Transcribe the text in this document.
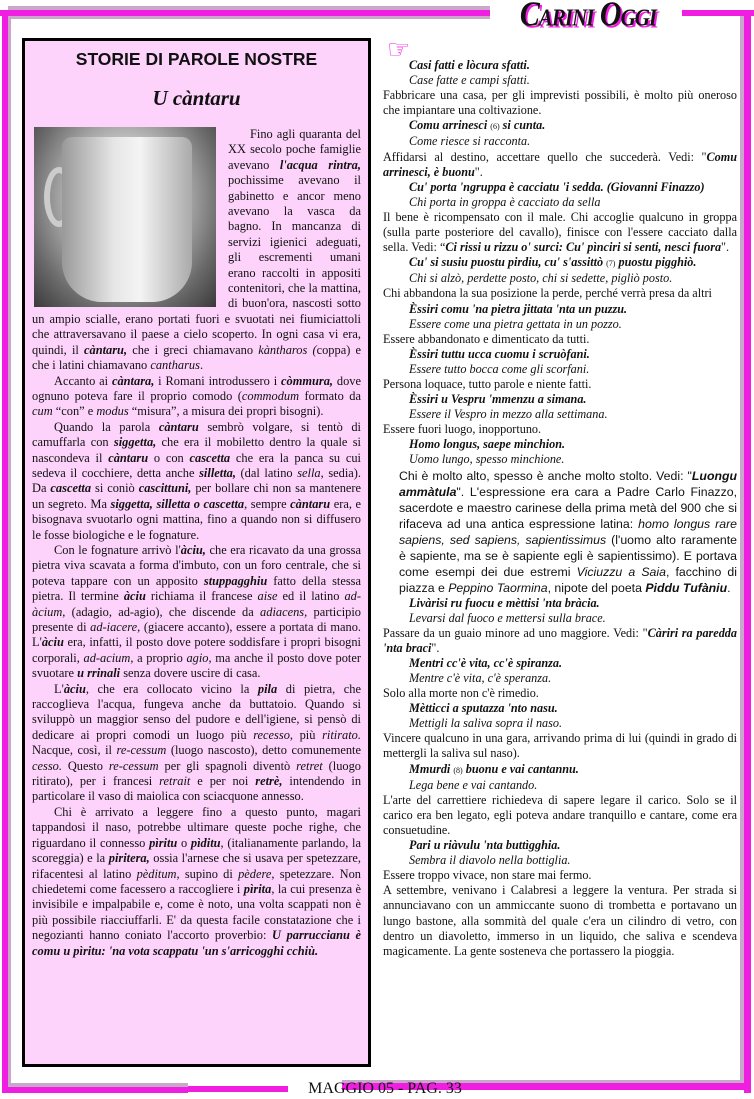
Carini Oggi
STORIE DI PAROLE NOSTRE
U càntaru

Fino agli quaranta del XX secolo poche famiglie avevano l'acqua rintra, pochissime avevano il gabinetto e ancor meno avevano la vasca da bagno. In mancanza di servizi igienici adeguati, gli escrementi umani erano raccolti in appositi contenitori, che la mattina, di buon'ora, nascosti sotto un ampio scialle, erano portati fuori e svuotati nei fiumiciattoli che attraversavano il paese a cielo scoperto. In ogni casa vi era, quindi, il càntaru, che i greci chiamavano kàntharos (coppa) e che i latini chiamavano cantharus.

Accanto ai càntara, i Romani introdussero i còmmura, dove ognuno poteva fare il proprio comodo (commodum formato da cum “con” e modus “misura”, a misura dei propri bisogni).

Quando la parola càntaru sembrò volgare, si tentò di camuffarla con siggetta, che era il mobiletto dentro la quale si nascondeva il càntaru o con cascetta che era la panca su cui sedeva il cocchiere, detta anche silletta, (dal latino sella, sedia). Da cascetta si coniò cascittuni, per bollare chi non sa mantenere un segreto. Ma siggetta, silletta o cascetta, sempre càntaru era, e bisognava svuotarlo ogni mattina, fino a quando non si diffusero le fosse biologiche e le fognature.

Con le fognature arrivò l'àciu, che era ricavato da una grossa pietra viva scavata a forma d'imbuto, con un foro centrale, che si poteva tappare con un apposito stuppagghiu fatto della stessa pietra. Il termine àciu richiama il francese aise ed il latino ad-àcium, (adagio, ad-agio), che discende da adiacens, participio presente di ad-iacere, (giacere accanto), essere a portata di mano. L'àciu era, infatti, il posto dove potere soddisfare i propri bisogni corporali, ad-acium, a proprio agio, ma anche il posto dove poter svuotare u rrinali senza dovere uscire di casa.

L'àciu, che era collocato vicino la pila di pietra, che raccoglieva l'acqua, fungeva anche da buttatoio. Quando si sviluppò un maggior senso del pudore e dell'igiene, si pensò di dedicare ai propri comodi un luogo più recesso, più ritirato. Nacque, così, il re-cessum (luogo nascosto), detto comunemente cesso. Questo re-cessum per gli spagnoli diventò retret (luogo ritirato), per i francesi retrait e per noi retrè, intendendo in particolare il vaso di maiolica con sciacquone annesso.

Chi è arrivato a leggere fino a questo punto, magari tappandosi il naso, potrebbe ultimare queste poche righe, che riguardano il connesso pìritu o pìditu, (italianamente parlando, la scoreggia) e la piritera, ossia l'arnese che si usava per spetezzare, rifacentesi al latino pèditum, supino di pèdere, spetezzare. Non chiedetemi come facessero a raccogliere i pìrita, la cui presenza è invisibile e impalpabile e, come è noto, una volta scappati non è più possibile riacciuffarli. E' da questa facile constatazione che i negozianti hanno coniato l'accorto proverbio: U parruccianu è comu u pìritu: 'na vota scappatu 'un s'arricogghi cchiù.

☞
Casi fatti e lòcura sfatti.
Case fatte e campi sfatti.
Fabbricare una casa, per gli imprevisti possibili, è molto più oneroso che impiantare una coltivazione.
Comu arrinesci (6) si cunta.
Come riesce si racconta.
Affidarsi al destino, accettare quello che succederà. Vedi: "Comu arrinesci, è buonu".
Cu' porta 'ngruppa è cacciatu 'i sedda. (Giovanni Finazzo)
Chi porta in groppa è cacciato da sella
Il bene è ricompensato con il male. Chi accoglie qualcuno in groppa (sulla parte posteriore del cavallo), finisce con l'essere cacciato dalla sella. Vedi: “Ci rissi u rizzu o' surci: Cu' pìnciri si senti, nesci fuora".
Cu' si susiu puostu pirdiu, cu' s'assittò (7) puostu pigghiò.
Chi si alzò, perdette posto, chi si sedette, pigliò posto.
Chi abbandona la sua posizione la perde, perché verrà presa da altri
Èssiri comu 'na pietra jittata 'nta un puzzu.
Essere come una pietra gettata in un pozzo.
Essere abbandonato e dimenticato da tutti.
Èssiri tuttu ucca cuomu i scruòfani.
Essere tutto bocca come gli scorfani.
Persona loquace, tutto parole e niente fatti.
Èssiri u Vespru 'mmenzu a simana.
Essere il Vespro in mezzo alla settimana.
Essere fuori luogo, inopportuno.
Homo longus, saepe minchion.
Uomo lungo, spesso minchione.
Chi è molto alto, spesso è anche molto stolto. Vedi: "Luongu ammàtula". L'espressione era cara a Padre Carlo Finazzo, sacerdote e maestro carinese della prima metà del 900 che si rifaceva ad una antica espressione latina: homo longus rare sapiens, sed sapiens, sapientissimus (l'uomo alto raramente è sapiente, ma se è sapiente egli è sapientissimo). E portava come esempi dei due estremi Viciuzzu a Saia, facchino di piazza e Peppino Taormina, nipote del poeta Piddu Tufàniu.
Livàrisi ru fuocu e mèttisi 'nta bràcia.
Levarsi dal fuoco e mettersi sulla brace.
Passare da un guaio minore ad uno maggiore. Vedi: "Càriri ra paredda 'nta braci".
Mentri cc'è vita, cc'è spiranza.
Mentre c'è vita, c'è speranza.
Solo alla morte non c'è rimedio.
Mètticci a sputazza 'nto nasu.
Mettigli la saliva sopra il naso.
Vincere qualcuno in una gara, arrivando prima di lui (quindi in grado di mettergli la saliva sul naso).
Mmurdi (8) buonu e vai cantannu.
Lega bene e vai cantando.
L'arte del carrettiere richiedeva di sapere legare il carico. Solo se il carico era ben legato, egli poteva andare tranquillo e cantare, come era consuetudine.
Pari u riàvulu 'nta buttìgghia.
Sembra il diavolo nella bottiglia.
Essere troppo vivace, non stare mai fermo.
A settembre, venivano i Calabresi a leggere la ventura. Per strada si annunciavano con un ammiccante suono di trombetta e portavano un lungo bastone, alla sommità del quale c'era un cilindro di vetro, con dentro un diavoletto, immerso in un liquido, che saliva e scendeva magicamente. La gente sosteneva che portassero la pioggia.
MAGGIO 05 - PAG. 33
